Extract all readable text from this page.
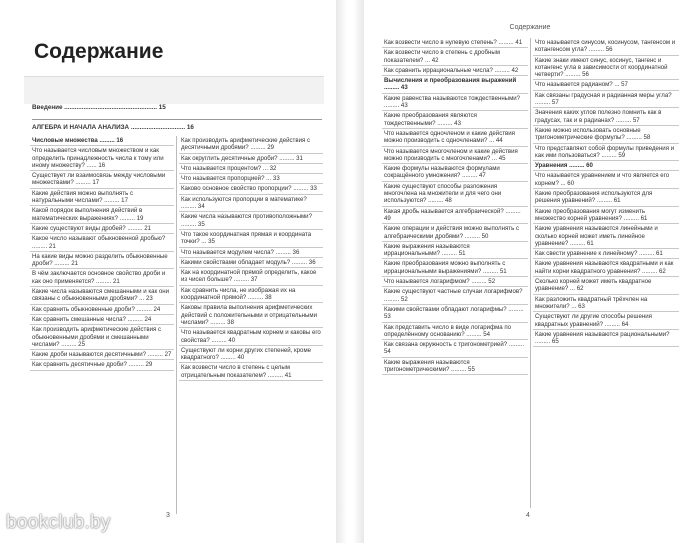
Содержание
Введение ..................................................... 15
АЛГЕБРА И НАЧАЛА АНАЛИЗА ............................... 16
Числовые множества ......... 16
Что называется числовым множеством и как определить принадлежность числа к тому или иному множеству? ...... 16
Существует ли взаимосвязь между числовыми множествами? ......... 17
Какие действия можно выполнять с натуральными числами? ......... 17
Какой порядок выполнения действий в математических выражениях? ......... 19
Какие существуют виды дробей? ......... 21
Какое число называют обыкновенной дробью? ......... 21
На какие виды можно разделить обыкновенные дроби? ......... 21
В чём заключается основное свойство дроби и как оно применяется? ......... 21
Какие числа называются смешанными и как они связаны с обыкновенными дробями? ... 23
Как сравнить обыкновенные дроби? ......... 24
Как сравнить смешанные числа? ......... 24
Как производить арифметические действия с обыкновенными дробями и смешанными числами? ......... 25
Какие дроби называются десятичными? ......... 27
Как сравнить десятичные дроби? ......... 29
Как производить арифметические действия с десятичными дробями? ......... 29
Как округлить десятичные дроби? ......... 31
Что называется процентом? ... 32
Что называется пропорцией? ... 33
Каково основное свойство пропорции? ......... 33
Как используются пропорции в математике? ......... 34
Какие числа называются противоположными? ......... 35
Что такое координатная прямая и координата точки? ... 35
Что называется модулем числа? ......... 36
Какими свойствами обладает модуль? ......... 36
Как на координатной прямой определить, какое из чисел больше? ......... 37
Как сравнить числа, не изображая их на координатной прямой? ......... 38
Каковы правила выполнения арифметических действий с положительными и отрицательными числами? ......... 38
Что называется квадратным корнем и каковы его свойства? ......... 40
Существуют ли корни других степеней, кроме квадратного? ......... 40
Как возвести число в степень с целым отрицательным показателем? ......... 41
3
Содержание
Как возвести число в нулевую степень? ......... 41
Как возвести число в степень с дробным показателем? ... 42
Как сравнить иррациональные числа? ......... 42
Вычисления и преобразования выражений ......... 43
Какие равенства называются тождественными? ......... 43
Какие преобразования являются тождественными? ......... 43
Что называется одночленом и какие действия можно производить с одночленами? ... 44
Что называется многочленом и какие действия можно производить с многочленами? ... 45
Какие формулы называются формулами сокращённого умножения? ......... 47
Какие существуют способы разложения многочлена на множители и для чего они используются? ......... 48
Какая дробь называется алгебраической? ......... 49
Какие операции и действия можно выполнять с алгебраическими дробями? ......... 50
Какие выражения называются иррациональными? ......... 51
Какие преобразования можно выполнять с иррациональными выражениями? ......... 51
Что называется логарифмом? ......... 52
Какие существуют частные случаи логарифмов? ......... 52
Какими свойствами обладают логарифмы? ......... 53
Как представить число в виде логарифма по определённому основанию? ......... 54
Как связана окружность с тригонометрией? ......... 54
Какие выражения называются тригонометрическими? ......... 55
Что называется синусом, косинусом, тангенсом и котангенсом угла? ......... 56
Какие знаки имеют синус, косинус, тангенс и котангенс угла в зависимости от координатной четверти? ......... 56
Что называется радианом? ... 57
Как связаны градусная и радианная меры угла? ......... 57
Значения каких углов полезно помнить как в градусах, так и в радианах? ......... 57
Какие можно использовать основные тригонометрические формулы? ......... 58
Что представляют собой формулы приведения и как ими пользоваться? ......... 59
Уравнения ......... 60
Что называется уравнением и что является его корнем? ... 60
Какие преобразования используются для решения уравнений? ......... 61
Какие преобразования могут изменить множество корней уравнения? ......... 61
Какие уравнения называются линейными и сколько корней может иметь линейное уравнение? ......... 61
Как свести уравнение к линейному? ......... 61
Какие уравнения называются квадратными и как найти корни квадратного уравнения? ......... 62
Сколько корней может иметь квадратное уравнение? ... 62
Как разложить квадратный трёхчлен на множители? ... 63
Существуют ли другие способы решения квадратных уравнений? ......... 64
Какие уравнения называются рациональными? ......... 65
4
bookclub.by
